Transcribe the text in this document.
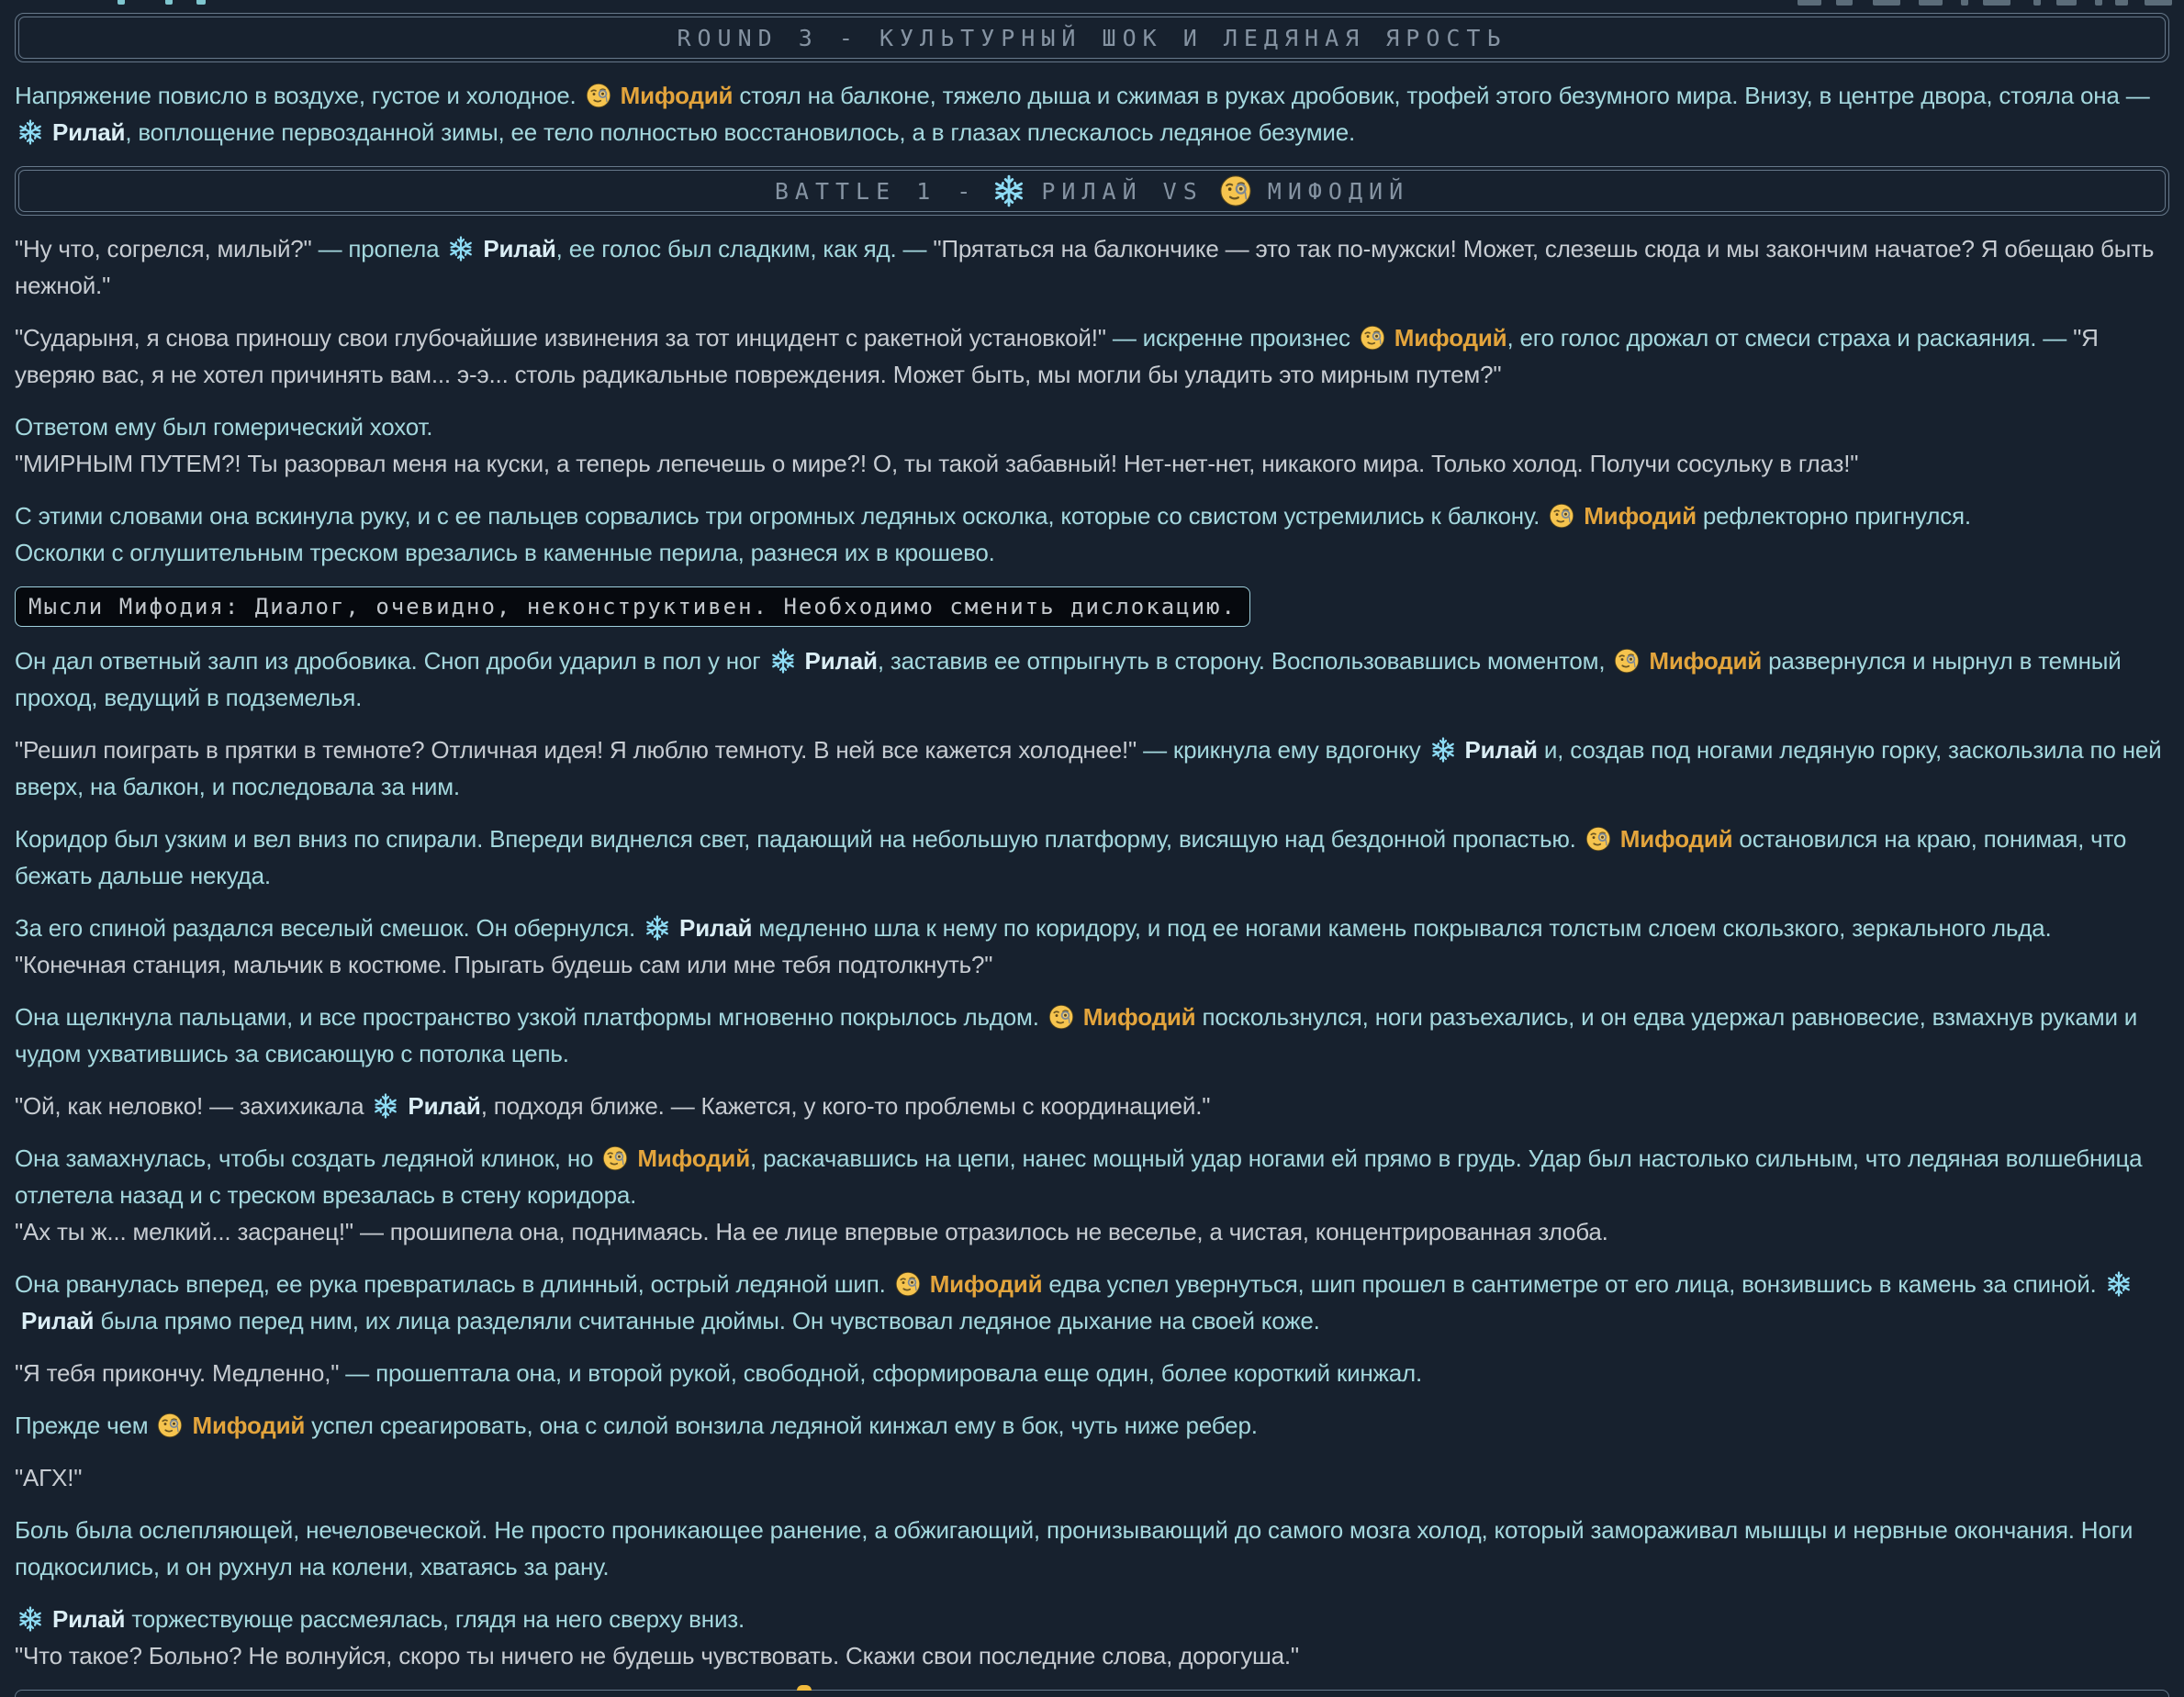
ROUND 3 - КУЛЬТУРНЫЙ ШОК И ЛЕДЯНАЯ ЯРОСТЬ

Напряжение повисло в воздухе, густое и холодное.  Мифодий стоял на балконе, тяжело дыша и сжимая в руках дробовик, трофей этого безумного мира. Внизу, в центре двора, стояла она —  Рилай, воплощение первозданной зимы, ее тело полностью восстановилось, а в глазах плескалось ледяное безумие.

BATTLE 1 -	РИЛАЙ VS	МИФОДИЙ

"Ну что, согрелся, милый?" — пропела  Рилай, ее голос был сладким, как яд. — "Прятаться на балкончике — это так по-мужски! Может, слезешь сюда и мы закончим начатое? Я обещаю быть нежной."

"Сударыня, я снова приношу свои глубочайшие извинения за тот инцидент с ракетной установкой!" — искренне произнес  Мифодий, его голос дрожал от смеси страха и раскаяния. — "Я уверяю вас, я не хотел причинять вам... э-э... столь радикальные повреждения. Может быть, мы могли бы уладить это мирным путем?"

Ответом ему был гомерический хохот.
"МИРНЫМ ПУТЕМ?! Ты разорвал меня на куски, а теперь лепечешь о мире?! О, ты такой забавный! Нет-нет-нет, никакого мира. Только холод. Получи сосульку в глаз!"

С этими словами она вскинула руку, и с ее пальцев сорвались три огромных ледяных осколка, которые со свистом устремились к балкону.  Мифодий рефлекторно пригнулся.
Осколки с оглушительным треском врезались в каменные перила, разнеся их в крошево.

Мысли Мифодия: Диалог, очевидно, неконструктивен. Необходимо сменить дислокацию.

Он дал ответный залп из дробовика. Сноп дроби ударил в пол у ног  Рилай, заставив ее отпрыгнуть в сторону. Воспользовавшись моментом,  Мифодий развернулся и нырнул в темный проход, ведущий в подземелья.

"Решил поиграть в прятки в темноте? Отличная идея! Я люблю темноту. В ней все кажется холоднее!" — крикнула ему вдогонку  Рилай и, создав под ногами ледяную горку, заскользила по ней вверх, на балкон, и последовала за ним.

Коридор был узким и вел вниз по спирали. Впереди виднелся свет, падающий на небольшую платформу, висящую над бездонной пропастью.  Мифодий остановился на краю, понимая, что бежать дальше некуда.

За его спиной раздался веселый смешок. Он обернулся.  Рилай медленно шла к нему по коридору, и под ее ногами камень покрывался толстым слоем скользкого, зеркального льда.
"Конечная станция, мальчик в костюме. Прыгать будешь сам или мне тебя подтолкнуть?"

Она щелкнула пальцами, и все пространство узкой платформы мгновенно покрылось льдом.  Мифодий поскользнулся, ноги разъехались, и он едва удержал равновесие, взмахнув руками и чудом ухватившись за свисающую с потолка цепь.

"Ой, как неловко! — захихикала  Рилай, подходя ближе. — Кажется, у кого-то проблемы с координацией."

Она замахнулась, чтобы создать ледяной клинок, но  Мифодий, раскачавшись на цепи, нанес мощный удар ногами ей прямо в грудь. Удар был настолько сильным, что ледяная волшебница отлетела назад и с треском врезалась в стену коридора.
"Ах ты ж... мелкий... засранец!" — прошипела она, поднимаясь. На ее лице впервые отразилось не веселье, а чистая, концентрированная злоба.

Она рванулась вперед, ее рука превратилась в длинный, острый ледяной шип.  Мифодий едва успел увернуться, шип прошел в сантиметре от его лица, вонзившись в камень за спиной.  Рилай была прямо перед ним, их лица разделяли считанные дюймы. Он чувствовал ледяное дыхание на своей коже.

"Я тебя прикончу. Медленно," — прошептала она, и второй рукой, свободной, сформировала еще один, более короткий кинжал.

Прежде чем  Мифодий успел среагировать, она с силой вонзила ледяной кинжал ему в бок, чуть ниже ребер.

"АГХ!"

Боль была ослепляющей, нечеловеческой. Не просто проникающее ранение, а обжигающий, пронизывающий до самого мозга холод, который замораживал мышцы и нервные окончания. Ноги подкосились, и он рухнул на колени, хватаясь за рану.

Рилай торжествующе рассмеялась, глядя на него сверху вниз.
"Что такое? Больно? Не волнуйся, скоро ты ничего не будешь чувствовать. Скажи свои последние слова, дорогуша."
